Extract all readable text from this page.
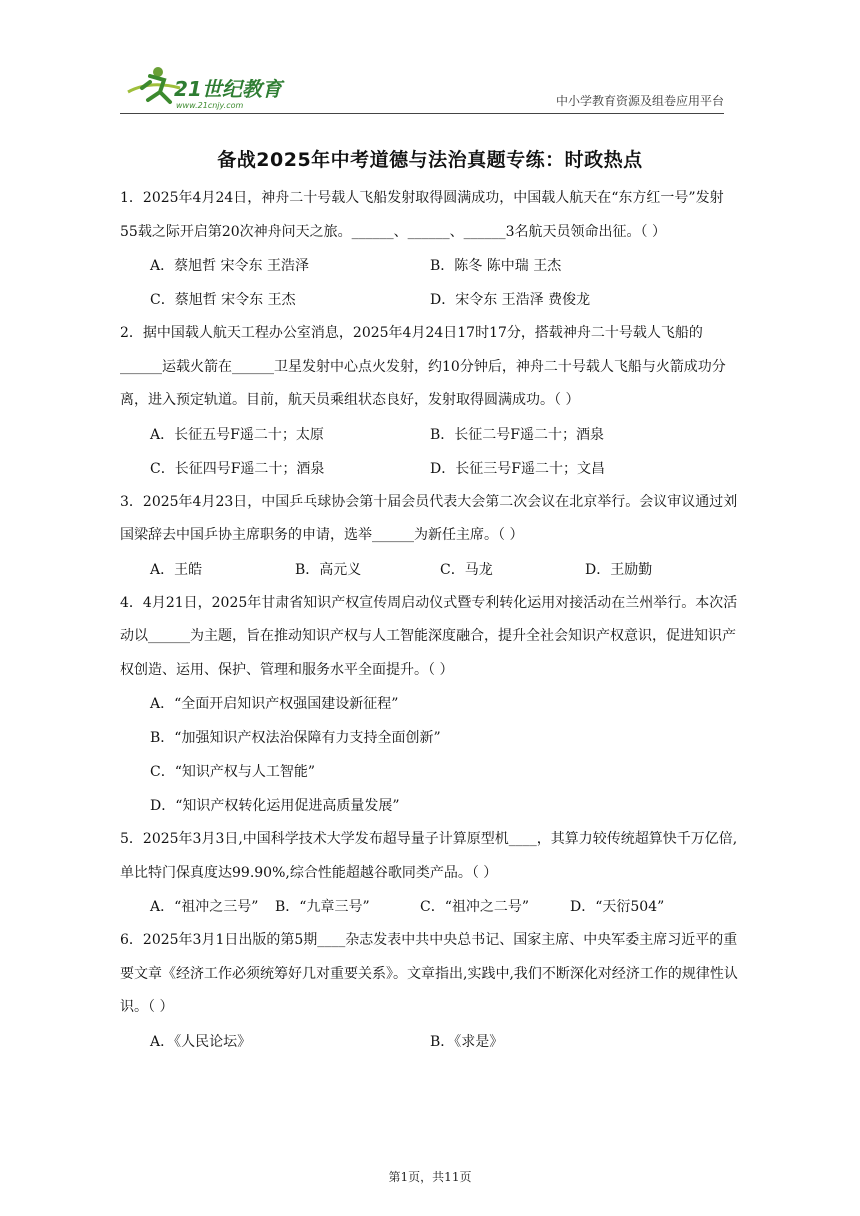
21世纪教育
www.21cnjy.com	中小学教育资源及组卷应用平台
备战2025年中考道德与法治真题专练：时政热点

1．2025年4月24日，神舟二十号载人飞船发射取得圆满成功，中国载人航天在“东方红一号”发射55载之际开启第20次神舟问天之旅。______、______、______3名航天员领命出征。（ ）

A．蔡旭哲 宋令东 王浩泽	B．陈冬 陈中瑞 王杰
C．蔡旭哲 宋令东 王杰	D．宋令东 王浩泽 费俊龙

2．据中国载人航天工程办公室消息，2025年4月24日17时17分，搭载神舟二十号载人飞船的______运载火箭在______卫星发射中心点火发射，约10分钟后，神舟二十号载人飞船与火箭成功分离，进入预定轨道。目前，航天员乘组状态良好，发射取得圆满成功。（ ）

A．长征五号F遥二十；太原	B．长征二号F遥二十；酒泉
C．长征四号F遥二十；酒泉	D．长征三号F遥二十；文昌

3．2025年4月23日，中国乒乓球协会第十届会员代表大会第二次会议在北京举行。会议审议通过刘国梁辞去中国乒协主席职务的申请，选举______为新任主席。（ ）

A．王皓	B．高元义	C．马龙	D．王励勤

4．4月21日，2025年甘肃省知识产权宣传周启动仪式暨专利转化运用对接活动在兰州举行。本次活动以______为主题，旨在推动知识产权与人工智能深度融合，提升全社会知识产权意识，促进知识产权创造、运用、保护、管理和服务水平全面提升。（ ）

A．“全面开启知识产权强国建设新征程”
B．“加强知识产权法治保障有力支持全面创新”
C．“知识产权与人工智能”
D．“知识产权转化运用促进高质量发展”

5．2025年3月3日,中国科学技术大学发布超导量子计算原型机____，其算力较传统超算快千万亿倍,单比特门保真度达99.90%,综合性能超越谷歌同类产品。（ ）

A．“祖冲之三号”	B．“九章三号”	C．“祖冲之二号”	D．“天衍504”

6．2025年3月1日出版的第5期____杂志发表中共中央总书记、国家主席、中央军委主席习近平的重要文章《经济工作必须统筹好几对重要关系》。文章指出,实践中,我们不断深化对经济工作的规律性认识。（ ）

A．《人民论坛》	B．《求是》
第1页，共11页
